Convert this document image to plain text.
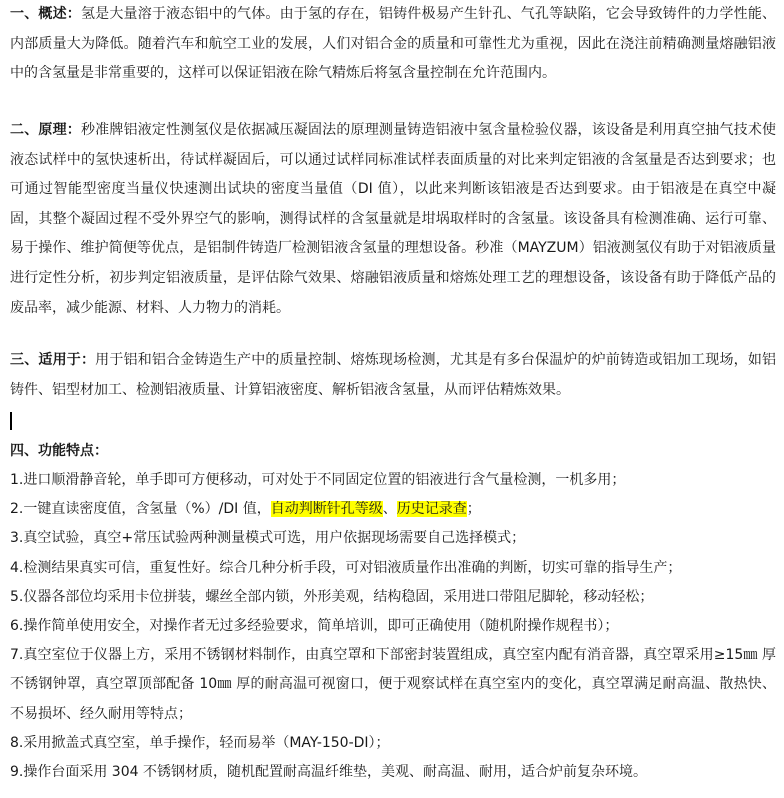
一、概述：氢是大量溶于液态铝中的气体。由于氢的存在，铝铸件极易产生针孔、气孔等缺陷，它会导致铸件的力学性能、内部质量大为降低。随着汽车和航空工业的发展，人们对铝合金的质量和可靠性尤为重视，因此在浇注前精确测量熔融铝液中的含氢量是非常重要的，这样可以保证铝液在除气精炼后将氢含量控制在允许范围内。

二、原理：秒准牌铝液定性测氢仪是依据减压凝固法的原理测量铸造铝液中氢含量检验仪器，该设备是利用真空抽气技术使液态试样中的氢快速析出，待试样凝固后，可以通过试样同标准试样表面质量的对比来判定铝液的含氢量是否达到要求；也可通过智能型密度当量仪快速测出试块的密度当量值（DI 值），以此来判断该铝液是否达到要求。由于铝液是在真空中凝固，其整个凝固过程不受外界空气的影响，测得试样的含氢量就是坩埚取样时的含氢量。该设备具有检测准确、运行可靠、易于操作、维护简便等优点，是铝制件铸造厂检测铝液含氢量的理想设备。秒准（MAYZUM）铝液测氢仪有助于对铝液质量进行定性分析，初步判定铝液质量，是评估除气效果、熔融铝液质量和熔炼处理工艺的理想设备，该设备有助于降低产品的废品率，减少能源、材料、人力物力的消耗。

三、适用于：用于铝和铝合金铸造生产中的质量控制、熔炼现场检测，尤其是有多台保温炉的炉前铸造或铝加工现场，如铝铸件、铝型材加工、检测铝液质量、计算铝液密度、解析铝液含氢量，从而评估精炼效果。

四、功能特点：

1.进口顺滑静音轮，单手即可方便移动，可对处于不同固定位置的铝液进行含气量检测，一机多用；

2.一键直读密度值，含氢量（%）/DI 值，自动判断针孔等级、历史记录查；

3.真空试验，真空+常压试验两种测量模式可选，用户依据现场需要自己选择模式；

4.检测结果真实可信，重复性好。综合几种分析手段，可对铝液质量作出准确的判断，切实可靠的指导生产；

5.仪器各部位均采用卡位拼装，螺丝全部内锁，外形美观，结构稳固，采用进口带阻尼脚轮，移动轻松；

6.操作简单使用安全，对操作者无过多经验要求，简单培训，即可正确使用（随机附操作规程书）；

7.真空室位于仪器上方，采用不锈钢材料制作，由真空罩和下部密封装置组成，真空室内配有消音器，真空罩采用≥15㎜ 厚不锈钢钟罩，真空罩顶部配备 10㎜ 厚的耐高温可视窗口，便于观察试样在真空室内的变化，真空罩满足耐高温、散热快、不易损坏、经久耐用等特点；

8.采用掀盖式真空室，单手操作，轻而易举（MAY-150-DI）；

9.操作台面采用 304 不锈钢材质，随机配置耐高温纤维垫，美观、耐高温、耐用，适合炉前复杂环境。
